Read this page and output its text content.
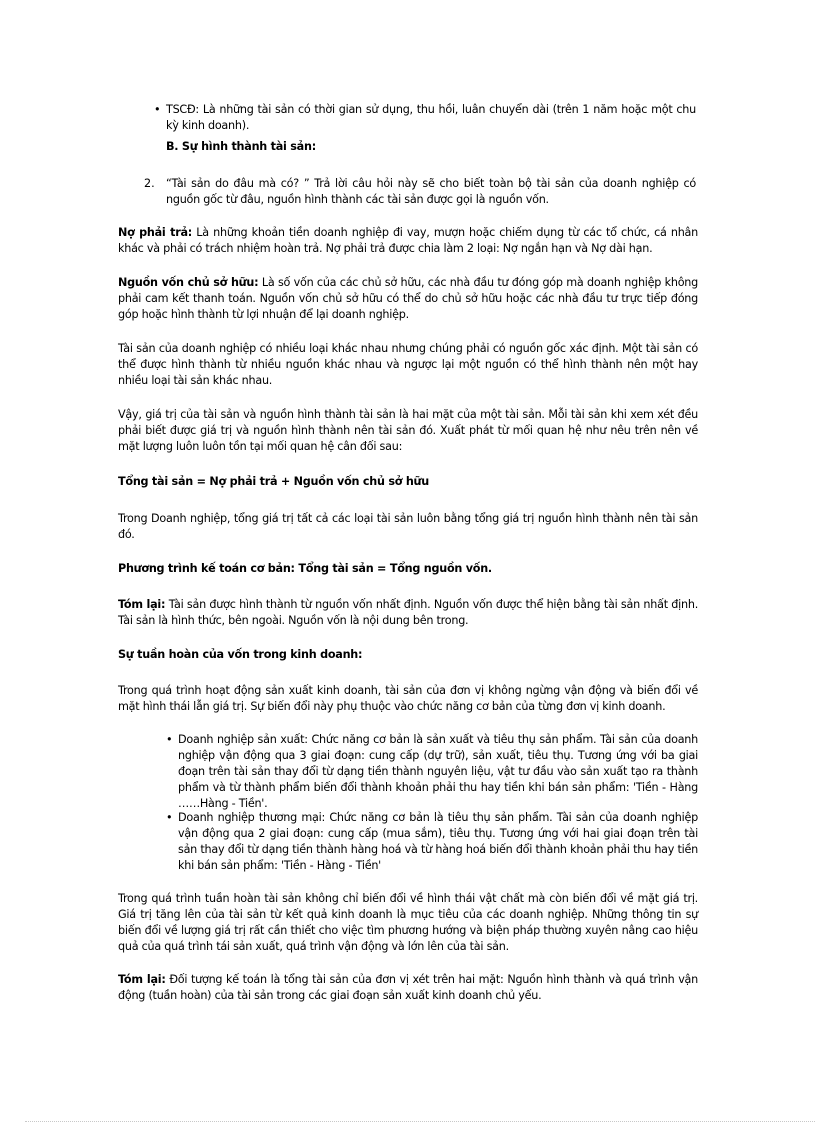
• TSCĐ: Là những tài sản có thời gian sử dụng, thu hồi, luân chuyển dài (trên 1 năm hoặc một chu kỳ kinh doanh).

B. Sự hình thành tài sản:

2. “Tài sản do đâu mà có? ” Trả lời câu hỏi này sẽ cho biết toàn bộ tài sản của doanh nghiệp có nguồn gốc từ đâu, nguồn hình thành các tài sản được gọi là nguồn vốn.

Nợ phải trả: Là những khoản tiền doanh nghiệp đi vay, mượn hoặc chiếm dụng từ các tổ chức, cá nhân khác và phải có trách nhiệm hoàn trả. Nợ phải trả được chia làm 2 loại: Nợ ngắn hạn và Nợ dài hạn.

Nguồn vốn chủ sở hữu: Là số vốn của các chủ sở hữu, các nhà đầu tư đóng góp mà doanh nghiệp không phải cam kết thanh toán. Nguồn vốn chủ sở hữu có thể do chủ sở hữu hoặc các nhà đầu tư trực tiếp đóng góp hoặc hình thành từ lợi nhuận để lại doanh nghiệp.

Tài sản của doanh nghiệp có nhiều loại khác nhau nhưng chúng phải có nguồn gốc xác định. Một tài sản có thể được hình thành từ nhiều nguồn khác nhau và ngược lại một nguồn có thể hình thành nên một hay nhiều loại tài sản khác nhau.

Vậy, giá trị của tài sản và nguồn hình thành tài sản là hai mặt của một tài sản. Mỗi tài sản khi xem xét đều phải biết được giá trị và nguồn hình thành nên tài sản đó. Xuất phát từ mối quan hệ như nêu trên nên về mặt lượng luôn luôn tồn tại mối quan hệ cân đối sau:

Tổng tài sản = Nợ phải trả + Nguồn vốn chủ sở hữu

Trong Doanh nghiệp, tổng giá trị tất cả các loại tài sản luôn bằng tổng giá trị nguồn hình thành nên tài sản đó.

Phương trình kế toán cơ bản: Tổng tài sản = Tổng nguồn vốn.

Tóm lại: Tài sản được hình thành từ nguồn vốn nhất định. Nguồn vốn được thể hiện bằng tài sản nhất định. Tài sản là hình thức, bên ngoài. Nguồn vốn là nội dung bên trong.

Sự tuần hoàn của vốn trong kinh doanh:

Trong quá trình hoạt động sản xuất kinh doanh, tài sản của đơn vị không ngừng vận động và biến đổi về mặt hình thái lẫn giá trị. Sự biến đổi này phụ thuộc vào chức năng cơ bản của từng đơn vị kinh doanh.

• Doanh nghiệp sản xuất: Chức năng cơ bản là sản xuất và tiêu thụ sản phẩm. Tài sản của doanh nghiệp vận động qua 3 giai đoạn: cung cấp (dự trữ), sản xuất, tiêu thụ. Tương ứng với ba giai đoạn trên tài sản thay đổi từ dạng tiền thành nguyên liệu, vật tư đầu vào sản xuất tạo ra thành phẩm và từ thành phẩm biến đổi thành khoản phải thu hay tiền khi bán sản phẩm: 'Tiền - Hàng ……Hàng - Tiền'.
• Doanh nghiệp thương mại: Chức năng cơ bản là tiêu thụ sản phẩm. Tài sản của doanh nghiệp vận động qua 2 giai đoạn: cung cấp (mua sắm), tiêu thụ. Tương ứng với hai giai đoạn trên tài sản thay đổi từ dạng tiền thành hàng hoá và từ hàng hoá biến đổi thành khoản phải thu hay tiền khi bán sản phẩm: 'Tiền - Hàng - Tiền'

Trong quá trình tuần hoàn tài sản không chỉ biến đổi về hình thái vật chất mà còn biến đổi về mặt giá trị. Giá trị tăng lên của tài sản từ kết quả kinh doanh là mục tiêu của các doanh nghiệp. Những thông tin sự biến đổi về lượng giá trị rất cần thiết cho việc tìm phương hướng và biện pháp thường xuyên nâng cao hiệu quả của quá trình tái sản xuất, quá trình vận động và lớn lên của tài sản.

Tóm lại: Đối tượng kế toán là tổng tài sản của đơn vị xét trên hai mặt: Nguồn hình thành và quá trình vận động (tuần hoàn) của tài sản trong các giai đoạn sản xuất kinh doanh chủ yếu.
